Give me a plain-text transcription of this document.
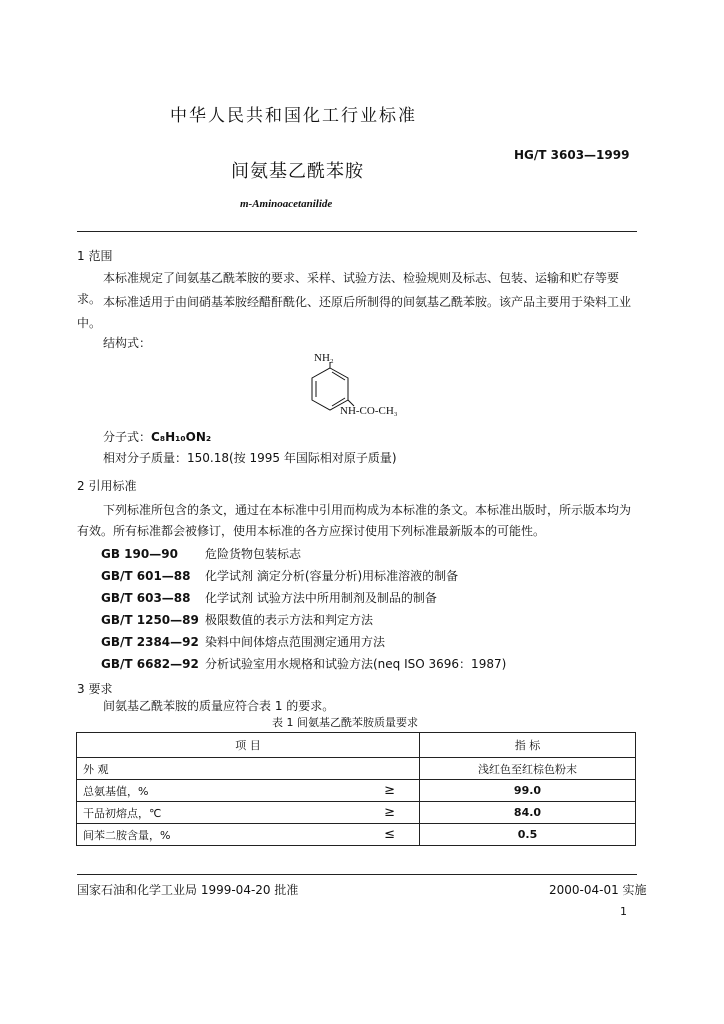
中华人民共和国化工行业标准
HG/T 3603—1999
间氨基乙酰苯胺
m-Aminoacetanilide
1 范围

本标准规定了间氨基乙酰苯胺的要求、采样、试验方法、检验规则及标志、包装、运输和贮存等要求。 本标准适用于由间硝基苯胺经醋酐酰化、还原后所制得的间氨基乙酰苯胺。该产品主要用于染料工业中。

结构式：
NH₂
NH-CO-CH₃
分子式：C₈H₁₀ON₂
相对分子质量：150.18(按 1995 年国际相对原子质量)
2 引用标准

下列标准所包含的条文，通过在本标准中引用而构成为本标准的条文。本标准出版时，所示版本均为有效。所有标准都会被修订，使用本标准的各方应探讨使用下列标准最新版本的可能性。

GB 190—90 危险货物包装标志
GB/T 601—88 化学试剂 滴定分析(容量分析)用标准溶液的制备
GB/T 603—88 化学试剂 试验方法中所用制剂及制品的制备
GB/T 1250—89 极限数值的表示方法和判定方法
GB/T 2384—92 染料中间体熔点范围测定通用方法
GB/T 6682—92 分析试验室用水规格和试验方法(neq ISO 3696：1987)
3 要求
间氨基乙酰苯胺的质量应符合表 1 的要求。
表 1 间氨基乙酰苯胺质量要求
项 目	指 标
外 观	浅红色至红棕色粉末
总氨基值，% ≥	99.0
干品初熔点，℃ ≥	84.0
间苯二胺含量，% ≤	0.5
国家石油和化学工业局 1999-04-20 批准	2000-04-01 实施
1
